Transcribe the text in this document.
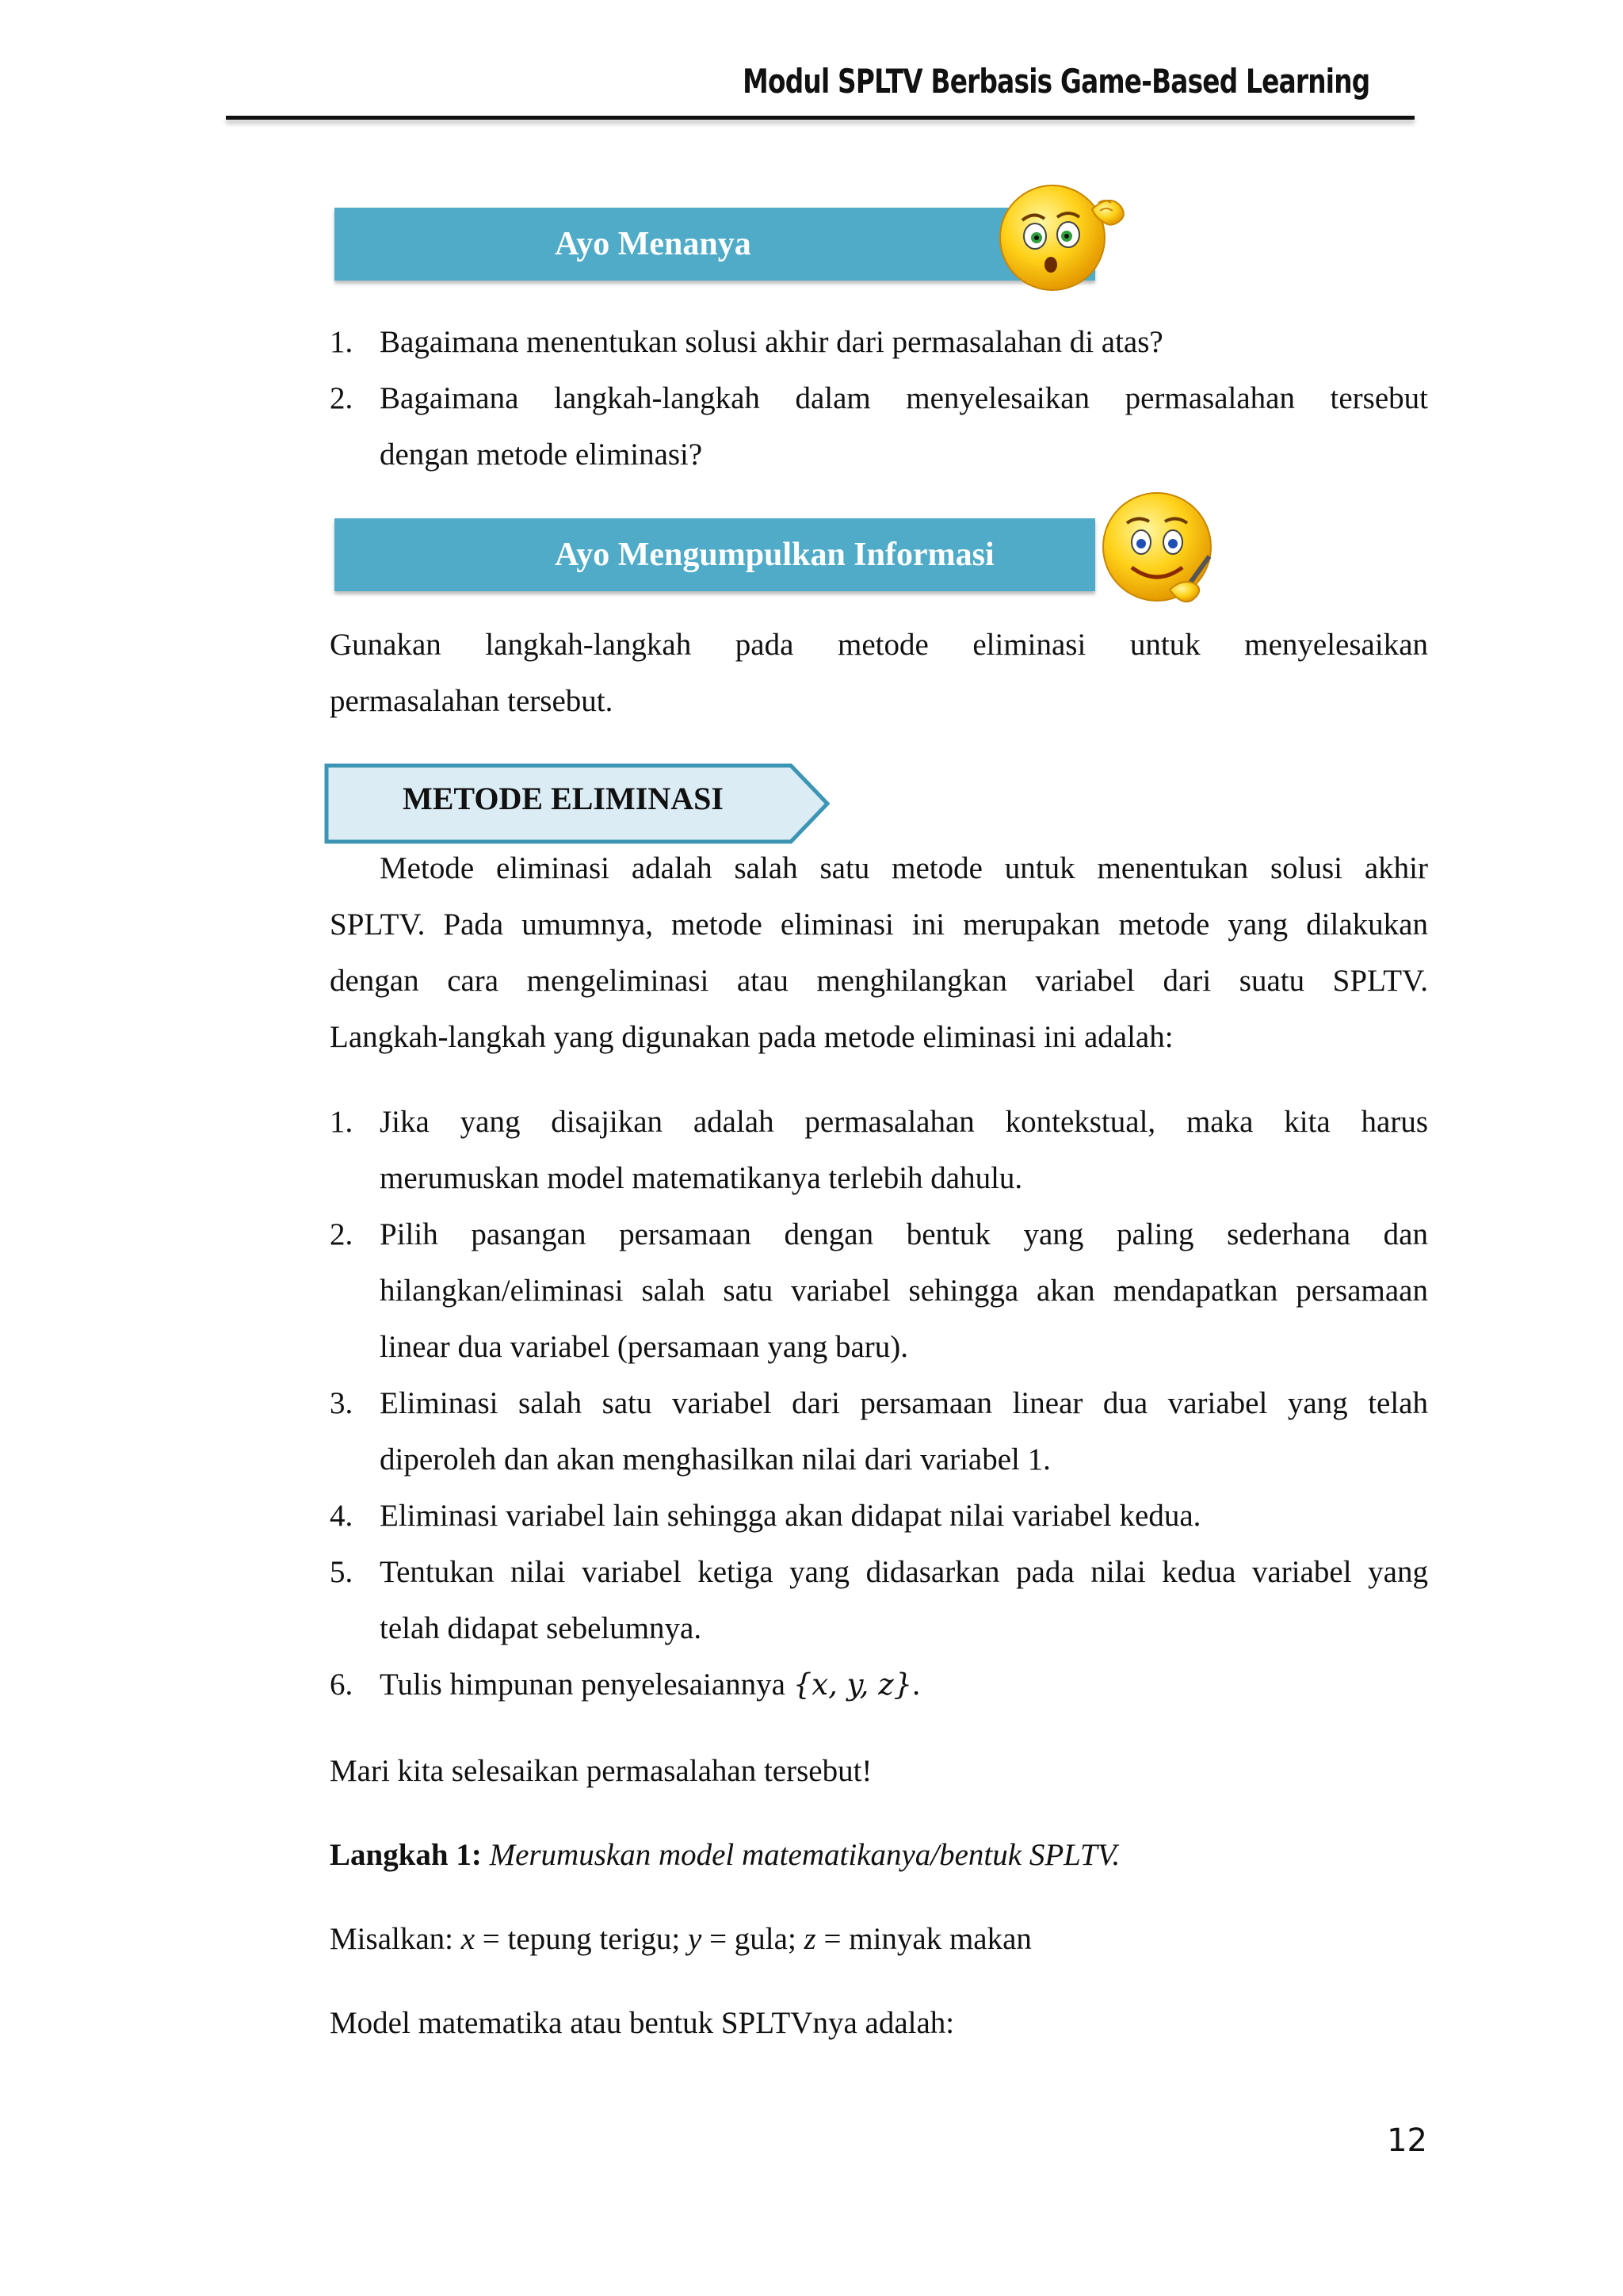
Modul SPLTV Berbasis Game-Based Learning
Ayo Menanya
1. Bagaimana menentukan solusi akhir dari permasalahan di atas?
2. Bagaimana langkah-langkah dalam menyelesaikan permasalahan tersebut
dengan metode eliminasi?
Ayo Mengumpulkan Informasi
Gunakan langkah-langkah pada metode eliminasi untuk menyelesaikan
permasalahan tersebut.
METODE ELIMINASI
Metode eliminasi adalah salah satu metode untuk menentukan solusi akhir
SPLTV. Pada umumnya, metode eliminasi ini merupakan metode yang dilakukan
dengan cara mengeliminasi atau menghilangkan variabel dari suatu SPLTV.
Langkah-langkah yang digunakan pada metode eliminasi ini adalah:
1. Jika yang disajikan adalah permasalahan kontekstual, maka kita harus
merumuskan model matematikanya terlebih dahulu.
2. Pilih pasangan persamaan dengan bentuk yang paling sederhana dan
hilangkan/eliminasi salah satu variabel sehingga akan mendapatkan persamaan
linear dua variabel (persamaan yang baru).
3. Eliminasi salah satu variabel dari persamaan linear dua variabel yang telah
diperoleh dan akan menghasilkan nilai dari variabel 1.
4. Eliminasi variabel lain sehingga akan didapat nilai variabel kedua.
5. Tentukan nilai variabel ketiga yang didasarkan pada nilai kedua variabel yang
telah didapat sebelumnya.
6. Tulis himpunan penyelesaiannya {x, y, z}.
Mari kita selesaikan permasalahan tersebut!
Langkah 1: Merumuskan model matematikanya/bentuk SPLTV.
Misalkan: x = tepung terigu; y = gula; z = minyak makan
Model matematika atau bentuk SPLTVnya adalah:
12
